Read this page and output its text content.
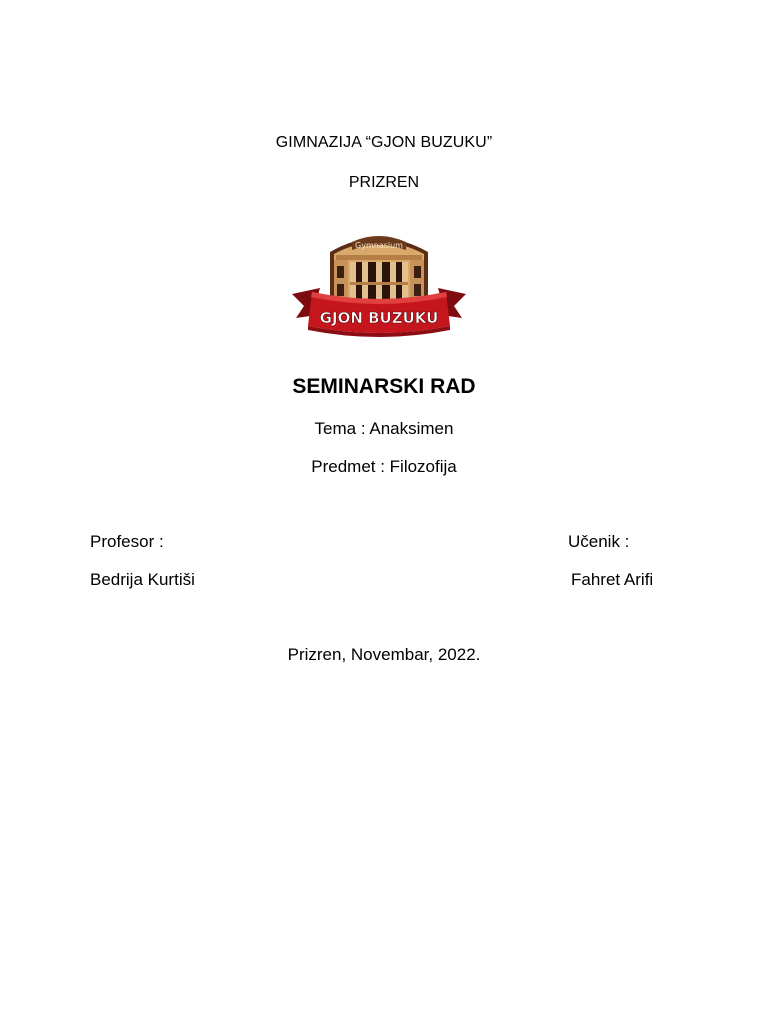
GIMNAZIJA “GJON BUZUKU”
PRIZREN
Gymnasium
GJON BUZUKU
SEMINARSKI RAD
Tema : Anaksimen
Predmet : Filozofija
Profesor :
Bedrija Kurtiši
Učenik :
Fahret Arifi
Prizren, Novembar, 2022.
